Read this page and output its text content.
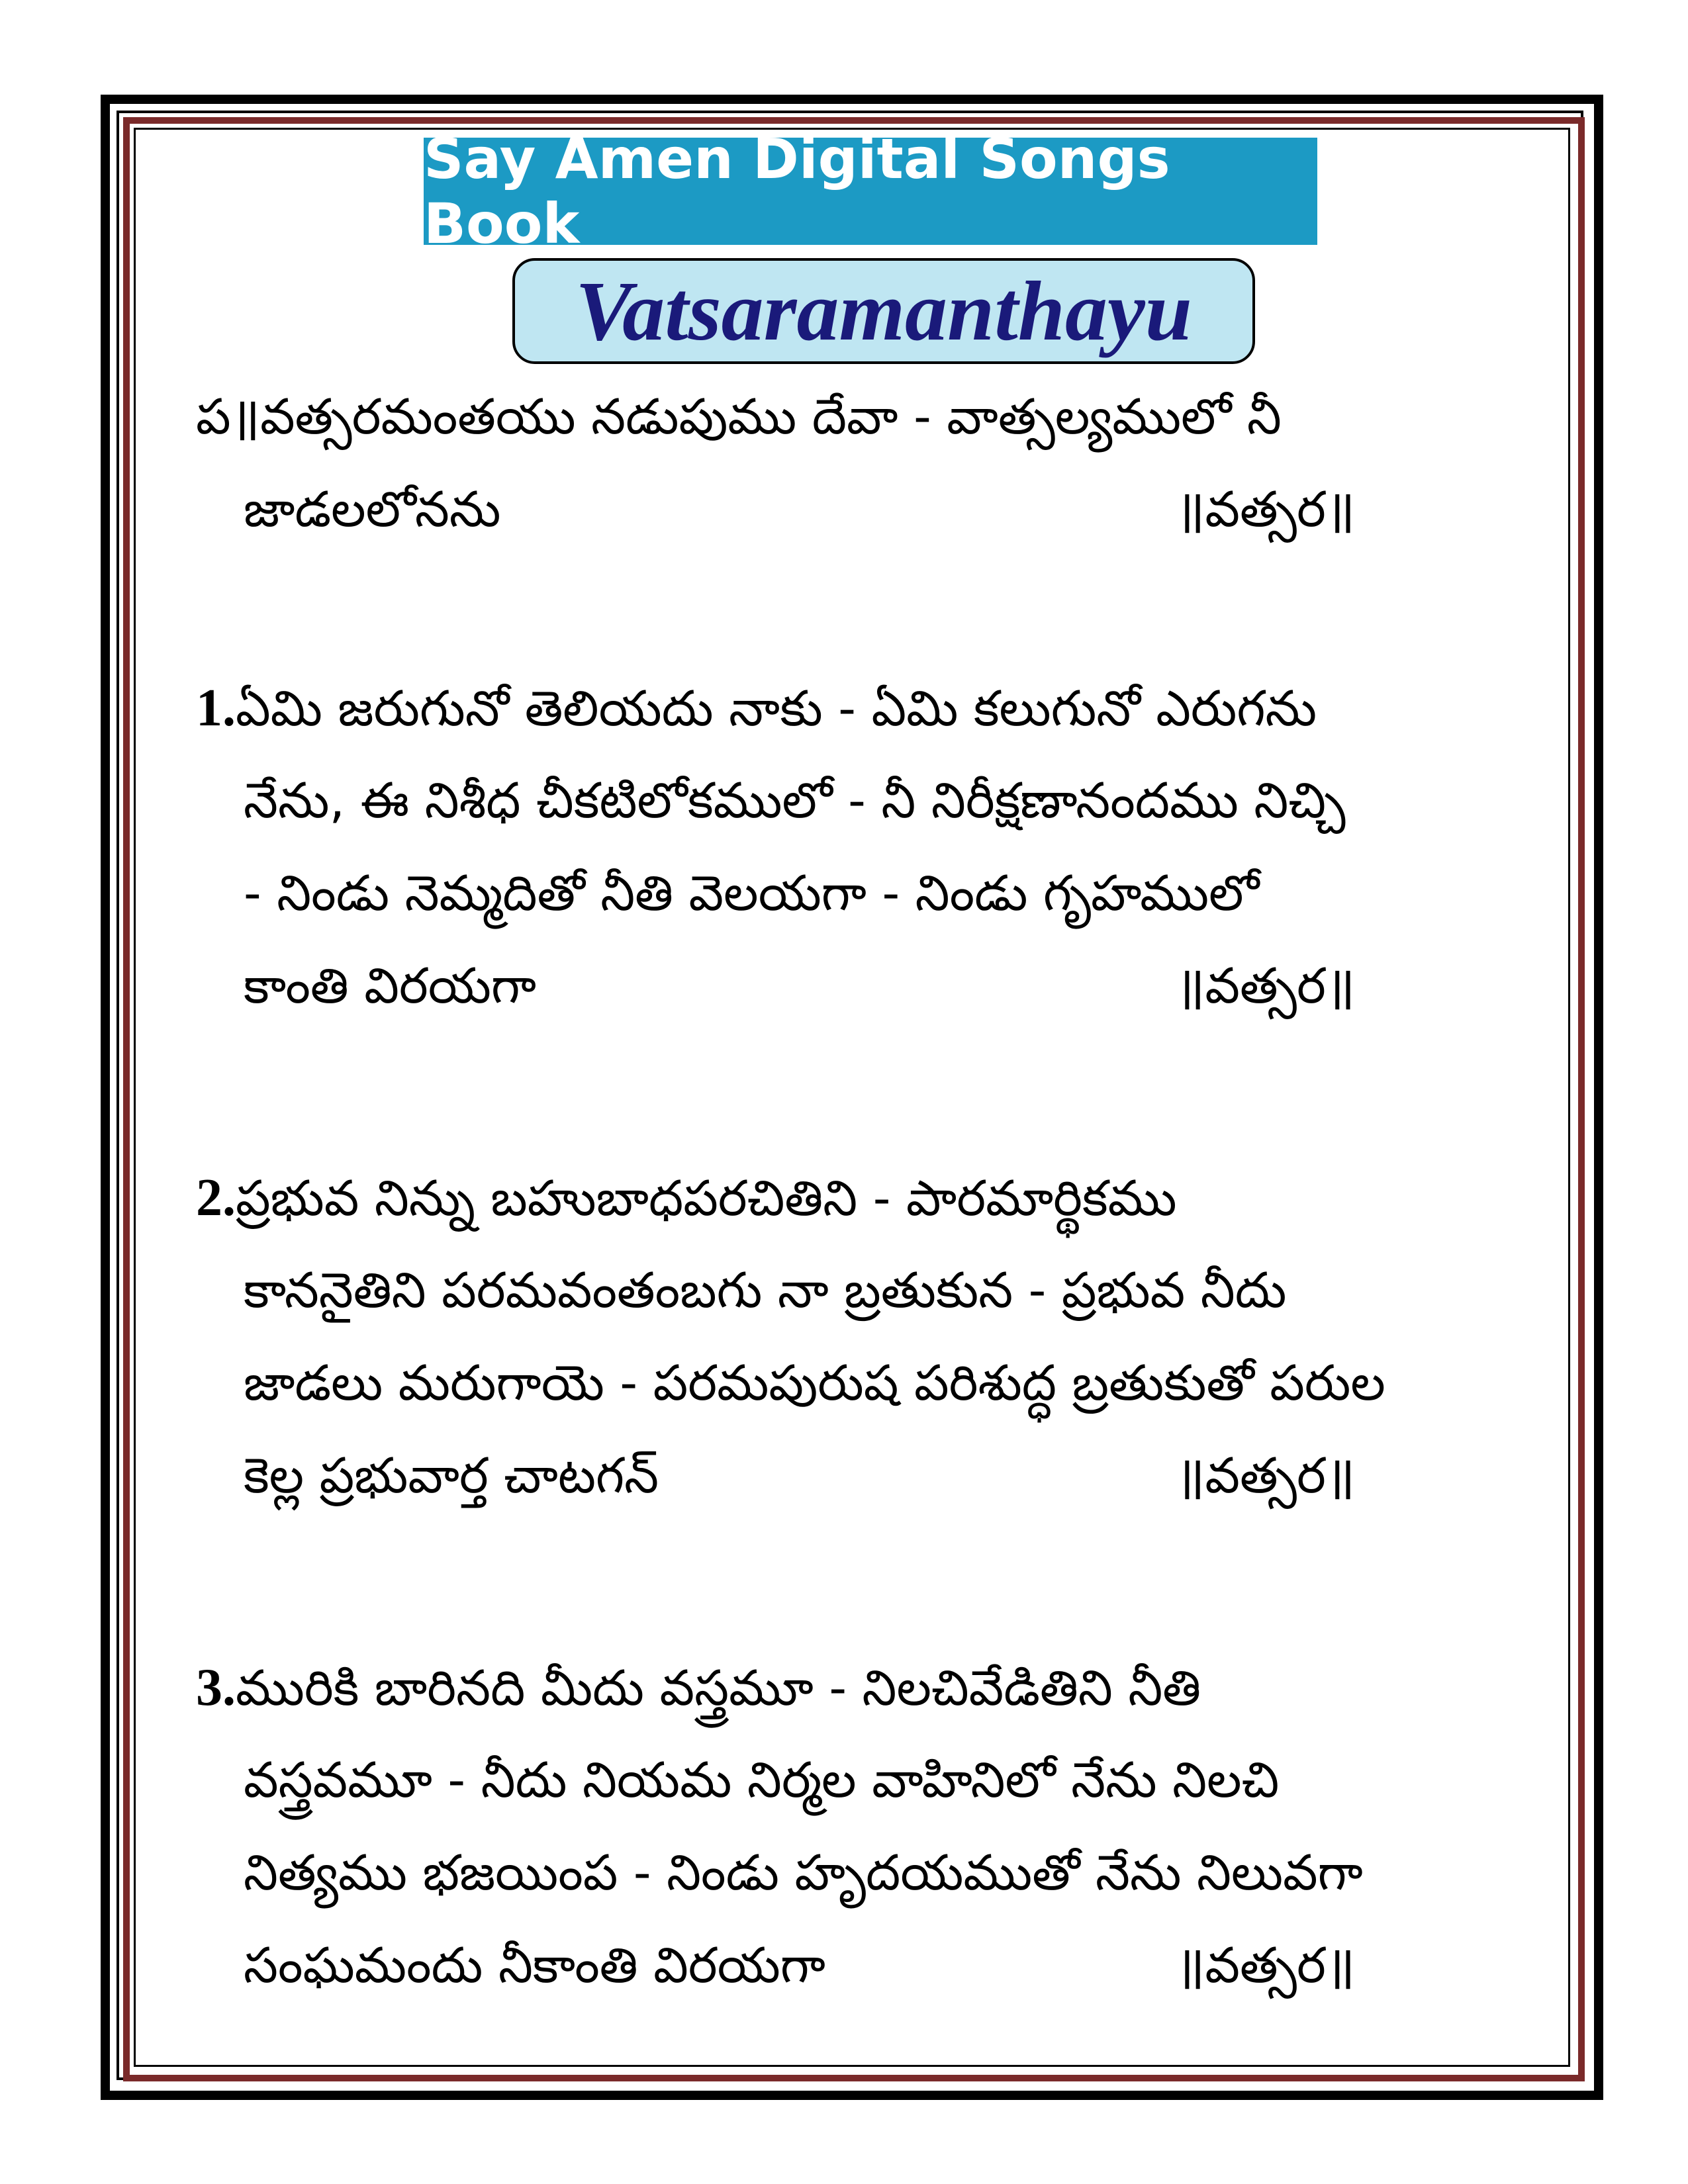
Say Amen Digital Songs Book
Vatsaramanthayu
ప॥వత్సరమంతయు నడుపుము దేవా - వాత్సల్యములో నీ
జాడలలోనను	॥వత్సర॥
1.ఏమి జరుగునో తెలియదు నాకు - ఏమి కలుగునో ఎరుగను
నేను, ఈ నిశీధ చీకటిలోకములో - నీ నిరీక్షణానందము నిచ్చి
- నిండు నెమ్మదితో నీతి వెలయగా - నిండు గృహములో
కాంతి విరయగా	॥వత్సర॥
2.ప్రభువ నిన్ను బహుబాధపరచితిని - పారమార్థికము
కాననైతిని పరమవంతంబగు నా బ్రతుకున - ప్రభువ నీదు
జాడలు మరుగాయె - పరమపురుష పరిశుద్ధ బ్రతుకుతో పరుల
కెల్ల ప్రభువార్త చాటగన్	॥వత్సర॥
3.మురికి బారినది మీదు వస్త్రమూ - నిలచివేడితిని నీతి
వస్త్రవమూ - నీదు నియమ నిర్మల వాహినిలో నేను నిలచి
నిత్యము భజయింప - నిండు హృదయముతో నేను నిలువగా
సంఘమందు నీకాంతి విరయగా	॥వత్సర॥
